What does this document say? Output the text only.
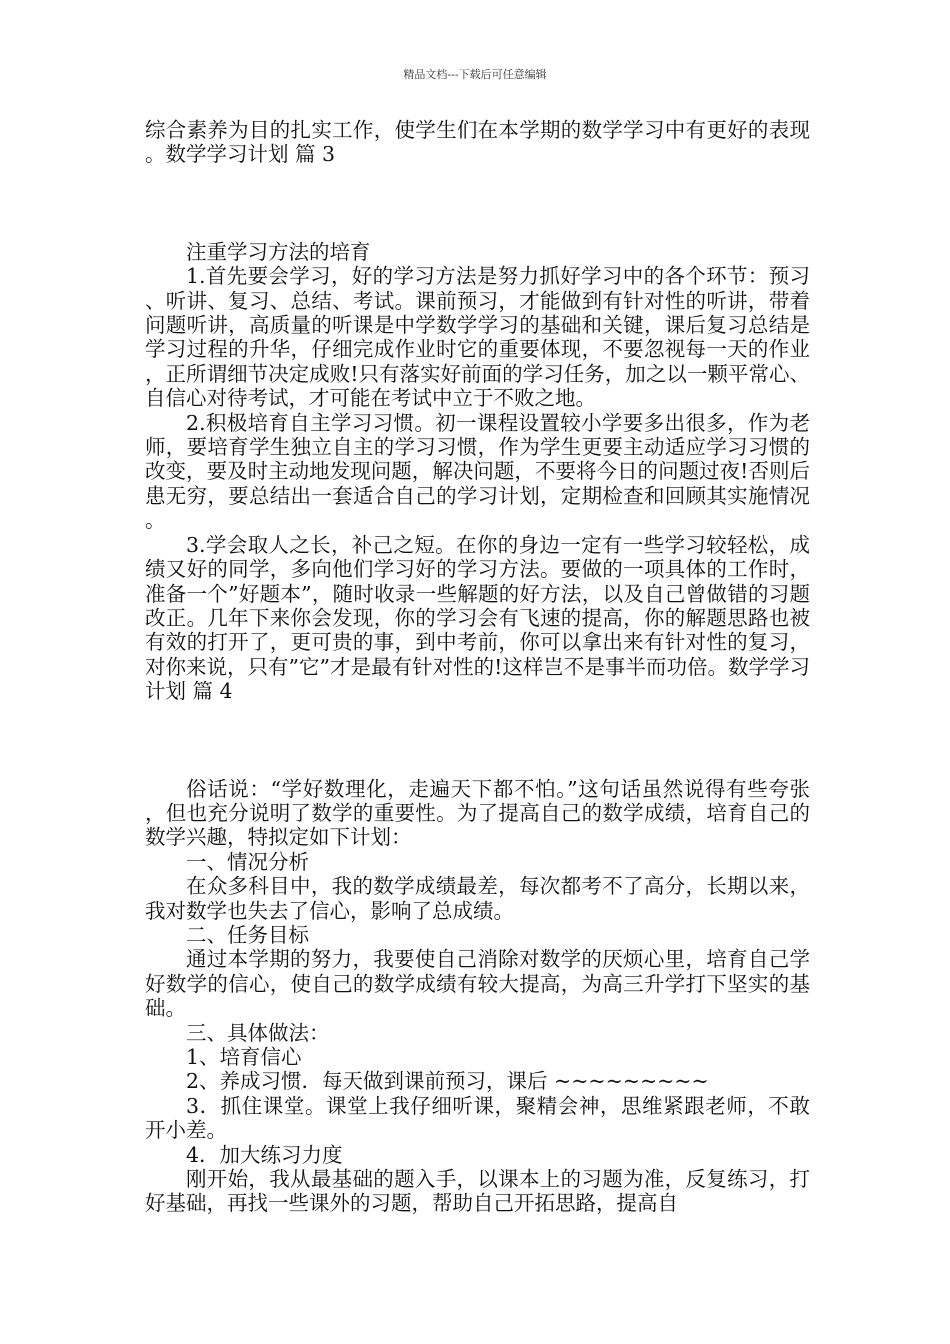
精品文档---下载后可任意编辑

综合素养为目的扎实工作，使学生们在本学期的数学学习中有更好的表现。数学学习计划 篇 3

注重学习方法的培育

1.首先要会学习，好的学习方法是努力抓好学习中的各个环节：预习、听讲、复习、总结、考试。课前预习，才能做到有针对性的听讲，带着问题听讲，高质量的听课是中学数学学习的基础和关键，课后复习总结是学习过程的升华，仔细完成作业时它的重要体现，不要忽视每一天的作业，正所谓细节决定成败!只有落实好前面的学习任务，加之以一颗平常心、自信心对待考试，才可能在考试中立于不败之地。

2.积极培育自主学习习惯。初一课程设置较小学要多出很多，作为老师，要培育学生独立自主的学习习惯，作为学生更要主动适应学习习惯的改变，要及时主动地发现问题，解决问题，不要将今日的问题过夜!否则后患无穷，要总结出一套适合自己的学习计划，定期检查和回顾其实施情况。

3.学会取人之长，补己之短。在你的身边一定有一些学习较轻松，成绩又好的同学，多向他们学习好的学习方法。要做的一项具体的工作时，准备一个”好题本”，随时收录一些解题的好方法，以及自己曾做错的习题改正。几年下来你会发现，你的学习会有飞速的提高，你的解题思路也被有效的打开了，更可贵的事，到中考前，你可以拿出来有针对性的复习，对你来说，只有”它”才是最有针对性的!这样岂不是事半而功倍。数学学习计划 篇 4

俗话说：“学好数理化，走遍天下都不怕。”这句话虽然说得有些夸张，但也充分说明了数学的重要性。为了提高自己的数学成绩，培育自己的数学兴趣，特拟定如下计划：

一、情况分析

在众多科目中，我的数学成绩最差，每次都考不了高分，长期以来，我对数学也失去了信心，影响了总成绩。

二、任务目标

通过本学期的努力，我要使自己消除对数学的厌烦心里，培育自己学好数学的信心，使自己的数学成绩有较大提高，为高三升学打下坚实的基础。

三、具体做法：

1、培育信心

2、养成习惯．每天做到课前预习，课后 ~~~~~~~~~

3．抓住课堂。课堂上我仔细听课，聚精会神，思维紧跟老师，不敢开小差。

4．加大练习力度

刚开始，我从最基础的题入手，以课本上的习题为准，反复练习，打好基础，再找一些课外的习题，帮助自己开拓思路，提高自
